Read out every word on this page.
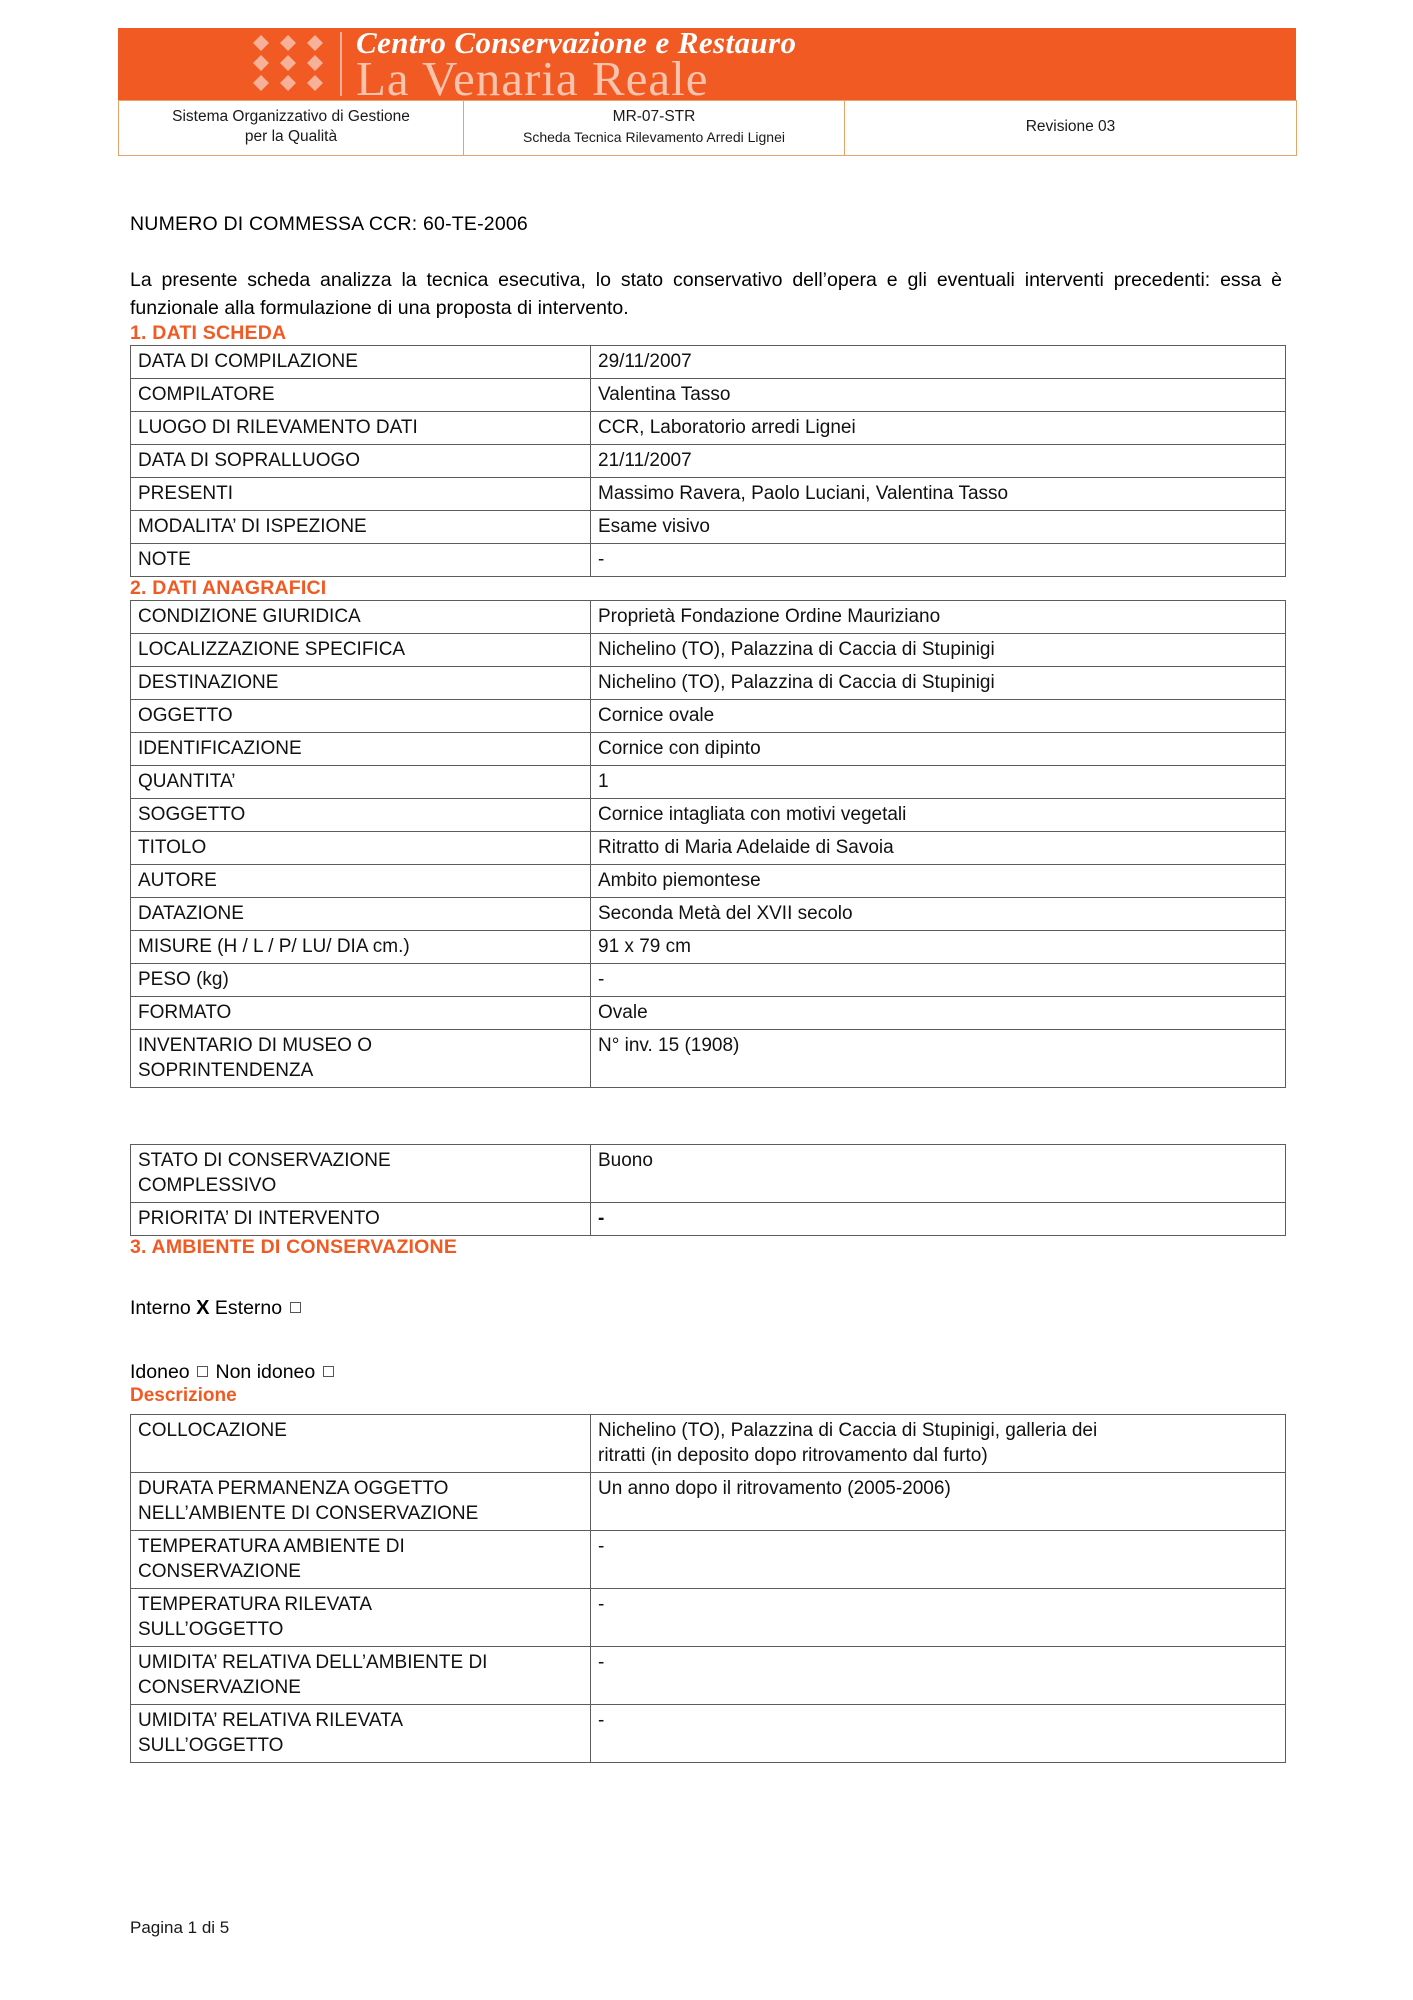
Centro Conservazione e Restauro
La Venaria Reale
Sistema Organizzativo di Gestione
per la Qualità
	MR-07-STR
Scheda Tecnica Rilevamento Arredi Lignei
	Revisione 03
NUMERO DI COMMESSA CCR: 60-TE-2006
La presente scheda analizza la tecnica esecutiva, lo stato conservativo dell’opera e gli eventuali interventi precedenti: essa è funzionale alla formulazione di una proposta di intervento.
1. DATI SCHEDA
DATA DI COMPILAZIONE	29/11/2007
COMPILATORE	Valentina Tasso
LUOGO DI RILEVAMENTO DATI	CCR, Laboratorio arredi Lignei
DATA DI SOPRALLUOGO	21/11/2007
PRESENTI	Massimo Ravera, Paolo Luciani, Valentina Tasso
MODALITA’ DI ISPEZIONE	Esame visivo
NOTE	-
2. DATI ANAGRAFICI
CONDIZIONE GIURIDICA	Proprietà Fondazione Ordine Mauriziano
LOCALIZZAZIONE SPECIFICA	Nichelino (TO), Palazzina di Caccia di Stupinigi
DESTINAZIONE	Nichelino (TO), Palazzina di Caccia di Stupinigi
OGGETTO	Cornice ovale
IDENTIFICAZIONE	Cornice con dipinto
QUANTITA’	1
SOGGETTO	Cornice intagliata con motivi vegetali
TITOLO	Ritratto di Maria Adelaide di Savoia
AUTORE	Ambito piemontese
DATAZIONE	Seconda Metà del XVII secolo
MISURE (H / L / P/ LU/ DIA cm.)	91 x 79 cm
PESO (kg)	-
FORMATO	Ovale

INVENTARIO DI MUSEO O
SOPRINTENDENZA	N° inv. 15 (1908)
STATO DI CONSERVAZIONE
COMPLESSIVO	Buono
PRIORITA’ DI INTERVENTO	-
3. AMBIENTE DI CONSERVAZIONE
Interno X Esterno
Idoneo Non idoneo
Descrizione
COLLOCAZIONE	Nichelino (TO), Palazzina di Caccia di Stupinigi, galleria dei
ritratti (in deposito dopo ritrovamento dal furto)

DURATA PERMANENZA OGGETTO
NELL’AMBIENTE DI CONSERVAZIONE	Un anno dopo il ritrovamento (2005-2006)

TEMPERATURA AMBIENTE DI
CONSERVAZIONE	-

TEMPERATURA RILEVATA
SULL’OGGETTO	-

UMIDITA’ RELATIVA DELL’AMBIENTE DI
CONSERVAZIONE	-

UMIDITA’ RELATIVA RILEVATA
SULL’OGGETTO	-
Pagina 1 di 5
